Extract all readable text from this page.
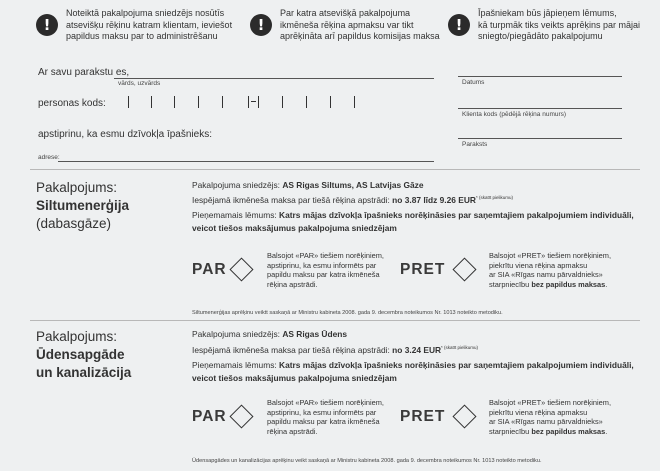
!
Noteiktā pakalpojuma sniedzējs nosūtīs
atsevišķu rēķinu katram klientam, ieviešot
papildus maksu par to administrēšanu
!
Par katra atsevišķā pakalpojuma
ikmēneša rēķina apmaksu var tikt
aprēķināta arī papildus komisijas maksa
!
Īpašniekam būs jāpieņem lēmums,
kā turpmāk tiks veikts aprēķins par mājai
sniegto/piegādāto pakalpojumu
Ar savu parakstu es,
vārds, uzvārds	Datums
personas kods:
Klienta kods (pēdējā rēķina numurs)
apstiprinu, ka esmu dzīvokļa īpašnieks:
Paraksts
adrese:
Pakalpojums:
Siltumenerģija
(dabasgāze)
Pakalpojuma sniedzējs: AS Rigas Siltums, AS Latvijas Gāze
Iespējamā ikmēneša maksa par tiešā rēķina apstrādi: no 3.87 līdz 9.26 $EUR^{* (skatīt pielikumu)}$
Pieņemamais lēmums: Katrs mājas dzīvokļa īpašnieks norēķināsies par saņemtajiem pakalpojumiem individuāli,
veicot tiešos maksājumus pakalpojuma sniedzējam
PAR
Balsojot «PAR» tiešiem norēķiniem,
apstiprinu, ka esmu informēts par
papildu maksu par katra ikmēneša
rēķina apstrādi.
PRET
Balsojot «PRET» tiešiem norēķiniem,
piekrītu viena rēķina apmaksu
ar SIA «Rīgas namu pārvaldnieks»
starpniecību bez papildus maksas.
Siltumenerģijas aprēķinu veiktt saskaņā ar Ministru kabineta 2008. gada 9. decembra noteikumos Nr. 1013 noteikto metodiku.
Pakalpojums:
Ūdensapgāde
un kanalizācija
Pakalpojuma sniedzējs: AS Rigas Ūdens
Iespējamā ikmēneša maksa par tiešā rēķina apstrādi: no 3.24 $EUR^{* (skatīt pielikumu)}$
Pieņemamais lēmums: Katrs mājas dzīvokļa īpašnieks norēķināsies par saņemtajiem pakalpojumiem individuāli,
veicot tiešos maksājumus pakalpojuma sniedzējam
PAR
Balsojot «PAR» tiešiem norēķiniem,
apstiprinu, ka esmu informēts par
papildu maksu par katra ikmēneša
rēķina apstrādi.
PRET
Balsojot «PRET» tiešiem norēķiniem,
piekrītu viena rēķina apmaksu
ar SIA «Rīgas namu pārvaldnieks»
starpniecību bez papildus maksas.
Ūdensapgādes un kanalizācijas aprēķinu veikt saskaņā ar Ministru kabineta 2008. gada 9. decembra noteikumos Nr. 1013 noteikto metodiku.
